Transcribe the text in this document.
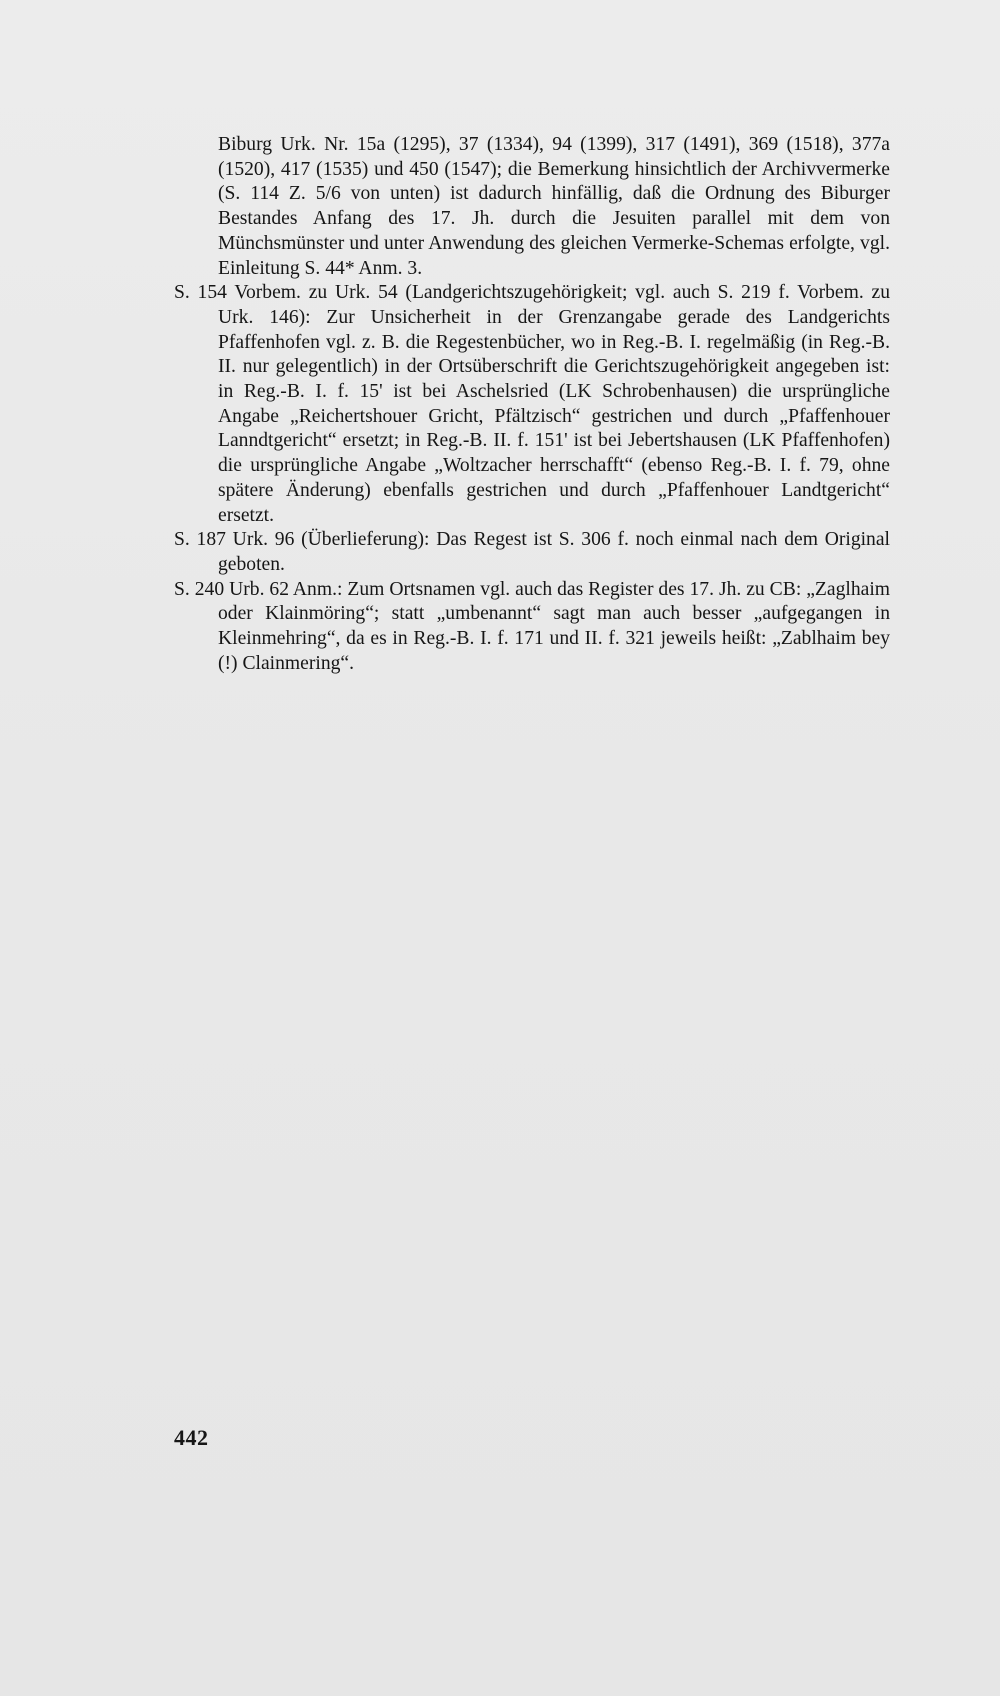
Biburg Urk. Nr. 15a (1295), 37 (1334), 94 (1399), 317 (1491), 369 (1518), 377a (1520), 417 (1535) und 450 (1547); die Bemerkung hinsichtlich der Archivvermerke (S. 114 Z. 5/6 von unten) ist dadurch hinfällig, daß die Ordnung des Biburger Bestandes Anfang des 17. Jh. durch die Jesuiten parallel mit dem von Münchsmünster und unter Anwendung des gleichen Vermerke-Schemas erfolgte, vgl. Einleitung S. 44* Anm. 3.

S. 154 Vorbem. zu Urk. 54 (Landgerichtszugehörigkeit; vgl. auch S. 219 f. Vorbem. zu Urk. 146): Zur Unsicherheit in der Grenzangabe gerade des Landgerichts Pfaffenhofen vgl. z. B. die Regestenbücher, wo in Reg.-B. I. regelmäßig (in Reg.-B. II. nur gelegentlich) in der Ortsüberschrift die Gerichtszugehörigkeit angegeben ist: in Reg.-B. I. f. 15' ist bei Aschelsried (LK Schrobenhausen) die ursprüngliche Angabe „Reichertshouer Gricht, Pfältzisch“ gestrichen und durch „Pfaffenhouer Lanndtgericht“ ersetzt; in Reg.-B. II. f. 151' ist bei Jebertshausen (LK Pfaffenhofen) die ursprüngliche Angabe „Woltzacher herrschafft“ (ebenso Reg.-B. I. f. 79, ohne spätere Änderung) ebenfalls gestrichen und durch „Pfaffenhouer Landtgericht“ ersetzt.

S. 187 Urk. 96 (Überlieferung): Das Regest ist S. 306 f. noch einmal nach dem Original geboten.

S. 240 Urb. 62 Anm.: Zum Ortsnamen vgl. auch das Register des 17. Jh. zu CB: „Zaglhaim oder Klainmöring“; statt „umbenannt“ sagt man auch besser „aufgegangen in Kleinmehring“, da es in Reg.-B. I. f. 171 und II. f. 321 jeweils heißt: „Zablhaim bey (!) Clainmering“.

442
